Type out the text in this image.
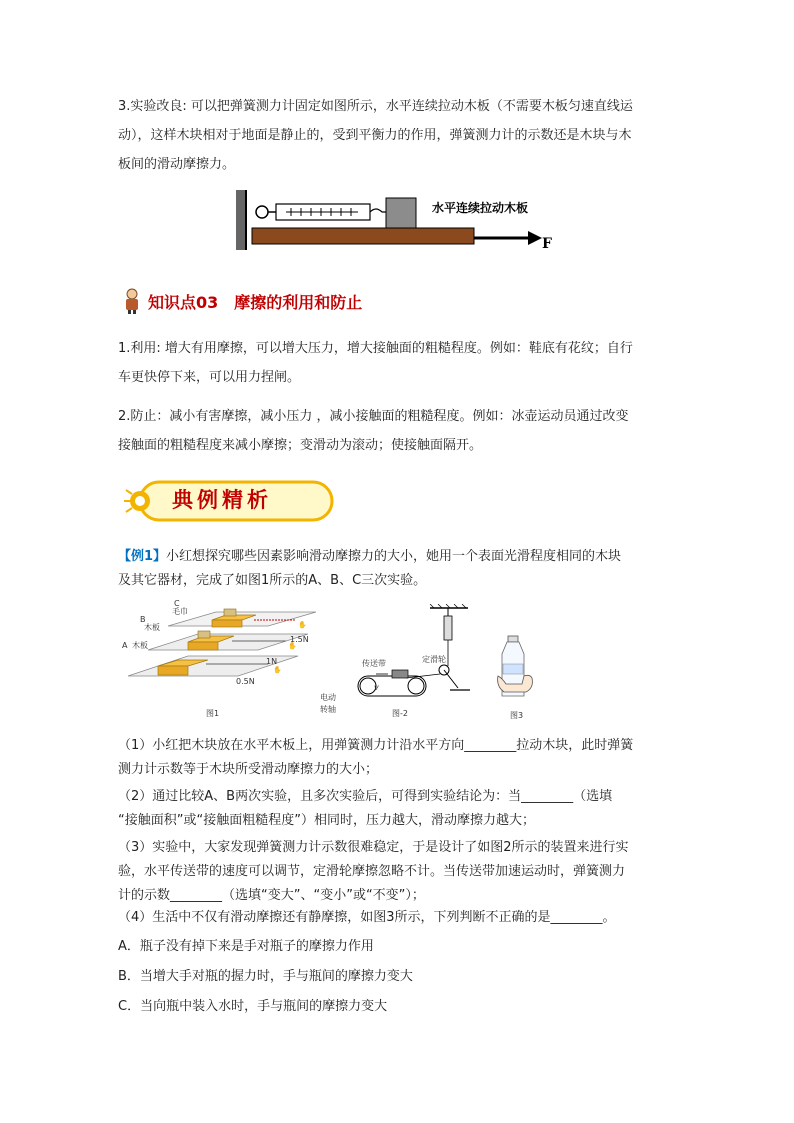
3.实验改良: 可以把弹簧测力计固定如图所示，水平连续拉动木板（不需要木板匀速直线运
动），这样木块相对于地面是静止的，受到平衡力的作用，弹簧测力计的示数还是木块与木
板间的滑动摩擦力。

水平连续拉动木板
F
知识点03　摩擦的利用和防止

1.利用: 增大有用摩擦，可以增大压力，增大接触面的粗糙程度。例如：鞋底有花纹；自行
车更快停下来，可以用力捏闸。

2.防止：减小有害摩擦，减小压力 ，减小接触面的粗糙程度。例如：冰壶运动员通过改变
接触面的粗糙程度来减小摩擦；变滑动为滚动；使接触面隔开。

典例精析

【例1】小红想探究哪些因素影响滑动摩擦力的大小，她用一个表面光滑程度相同的木块
及其它器材，完成了如图1所示的A、B、C三次实验。

✋
✋
✋
C
毛巾
B
木板
A 木板
1.5N
1N
0.5N
图1
v
传送带	定滑轮
电动
转轴	图-2	图3

（1）小红把木块放在水平木板上，用弹簧测力计沿水平方向________拉动木块，此时弹簧
测力计示数等于木块所受滑动摩擦力的大小；

（2）通过比较A、B两次实验，且多次实验后，可得到实验结论为：当________（选填
“接触面积”或“接触面粗糙程度”）相同时，压力越大，滑动摩擦力越大；

（3）实验中，大家发现弹簧测力计示数很难稳定，于是设计了如图2所示的装置来进行实
验，水平传送带的速度可以调节，定滑轮摩擦忽略不计。当传送带加速运动时，弹簧测力
计的示数________（选填“变大”、“变小”或“不变”）；

（4）生活中不仅有滑动摩擦还有静摩擦，如图3所示，下列判断不正确的是________。

A．瓶子没有掉下来是手对瓶子的摩擦力作用
B．当增大手对瓶的握力时，手与瓶间的摩擦力变大
C．当向瓶中装入水时，手与瓶间的摩擦力变大
